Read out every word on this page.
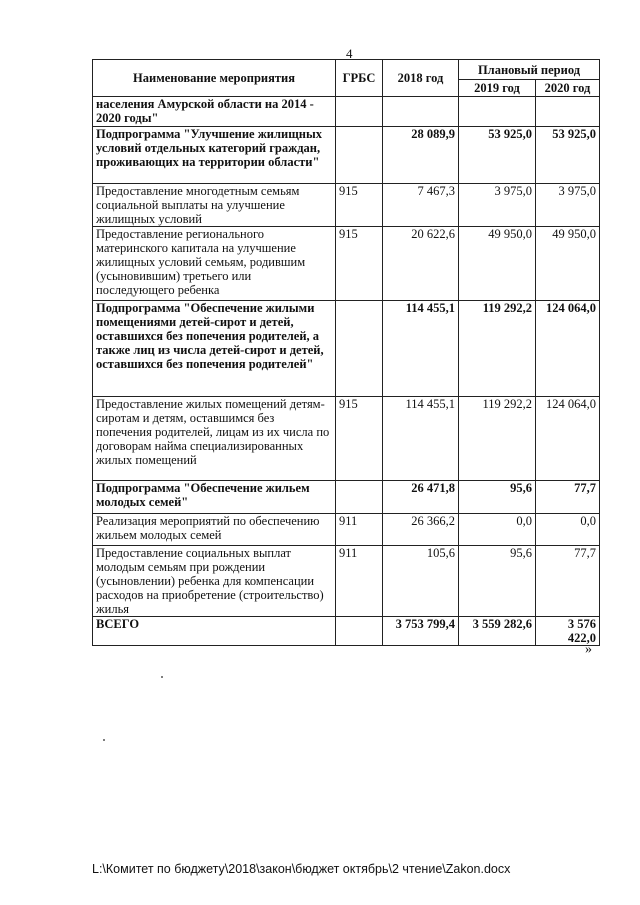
4
Наименование мероприятия	ГРБС	2018 год	Плановый период	
			2019 год	2020 год
населения Амурской области на 2014 - 2020 годы"				
Подпрограмма "Улучшение жилищных условий отдельных категорий граждан, проживающих на территории области"		28 089,9	53 925,0	53 925,0
Предоставление многодетным семьям социальной выплаты на улучшение жилищных условий	915	7 467,3	3 975,0	3 975,0
Предоставление регионального материнского капитала на улучшение жилищных условий семьям, родившим (усыновившим) третьего или последующего ребенка	915	20 622,6	49 950,0	49 950,0
Подпрограмма "Обеспечение жилыми помещениями детей-сирот и детей, оставшихся без попечения родителей, а также лиц из числа детей-сирот и детей, оставшихся без попечения родителей"		114 455,1	119 292,2	124 064,0
Предоставление жилых помещений детям-сиротам и детям, оставшимся без попечения родителей, лицам из их числа по договорам найма специализированных жилых помещений	915	114 455,1	119 292,2	124 064,0
Подпрограмма "Обеспечение жильем молодых семей"		26 471,8	95,6	77,7
Реализация мероприятий по обеспечению жильем молодых семей	911	26 366,2	0,0	0,0
Предоставление социальных выплат молодым семьям при рождении (усыновлении) ребенка для компенсации расходов на приобретение (строительство) жилья	911	105,6	95,6	77,7
ВСЕГО		3 753 799,4	3 559 282,6	3 576 422,0
»
L:\Комитет по бюджету\2018\закон\бюджет октябрь\2 чтение\Zakon.docx
